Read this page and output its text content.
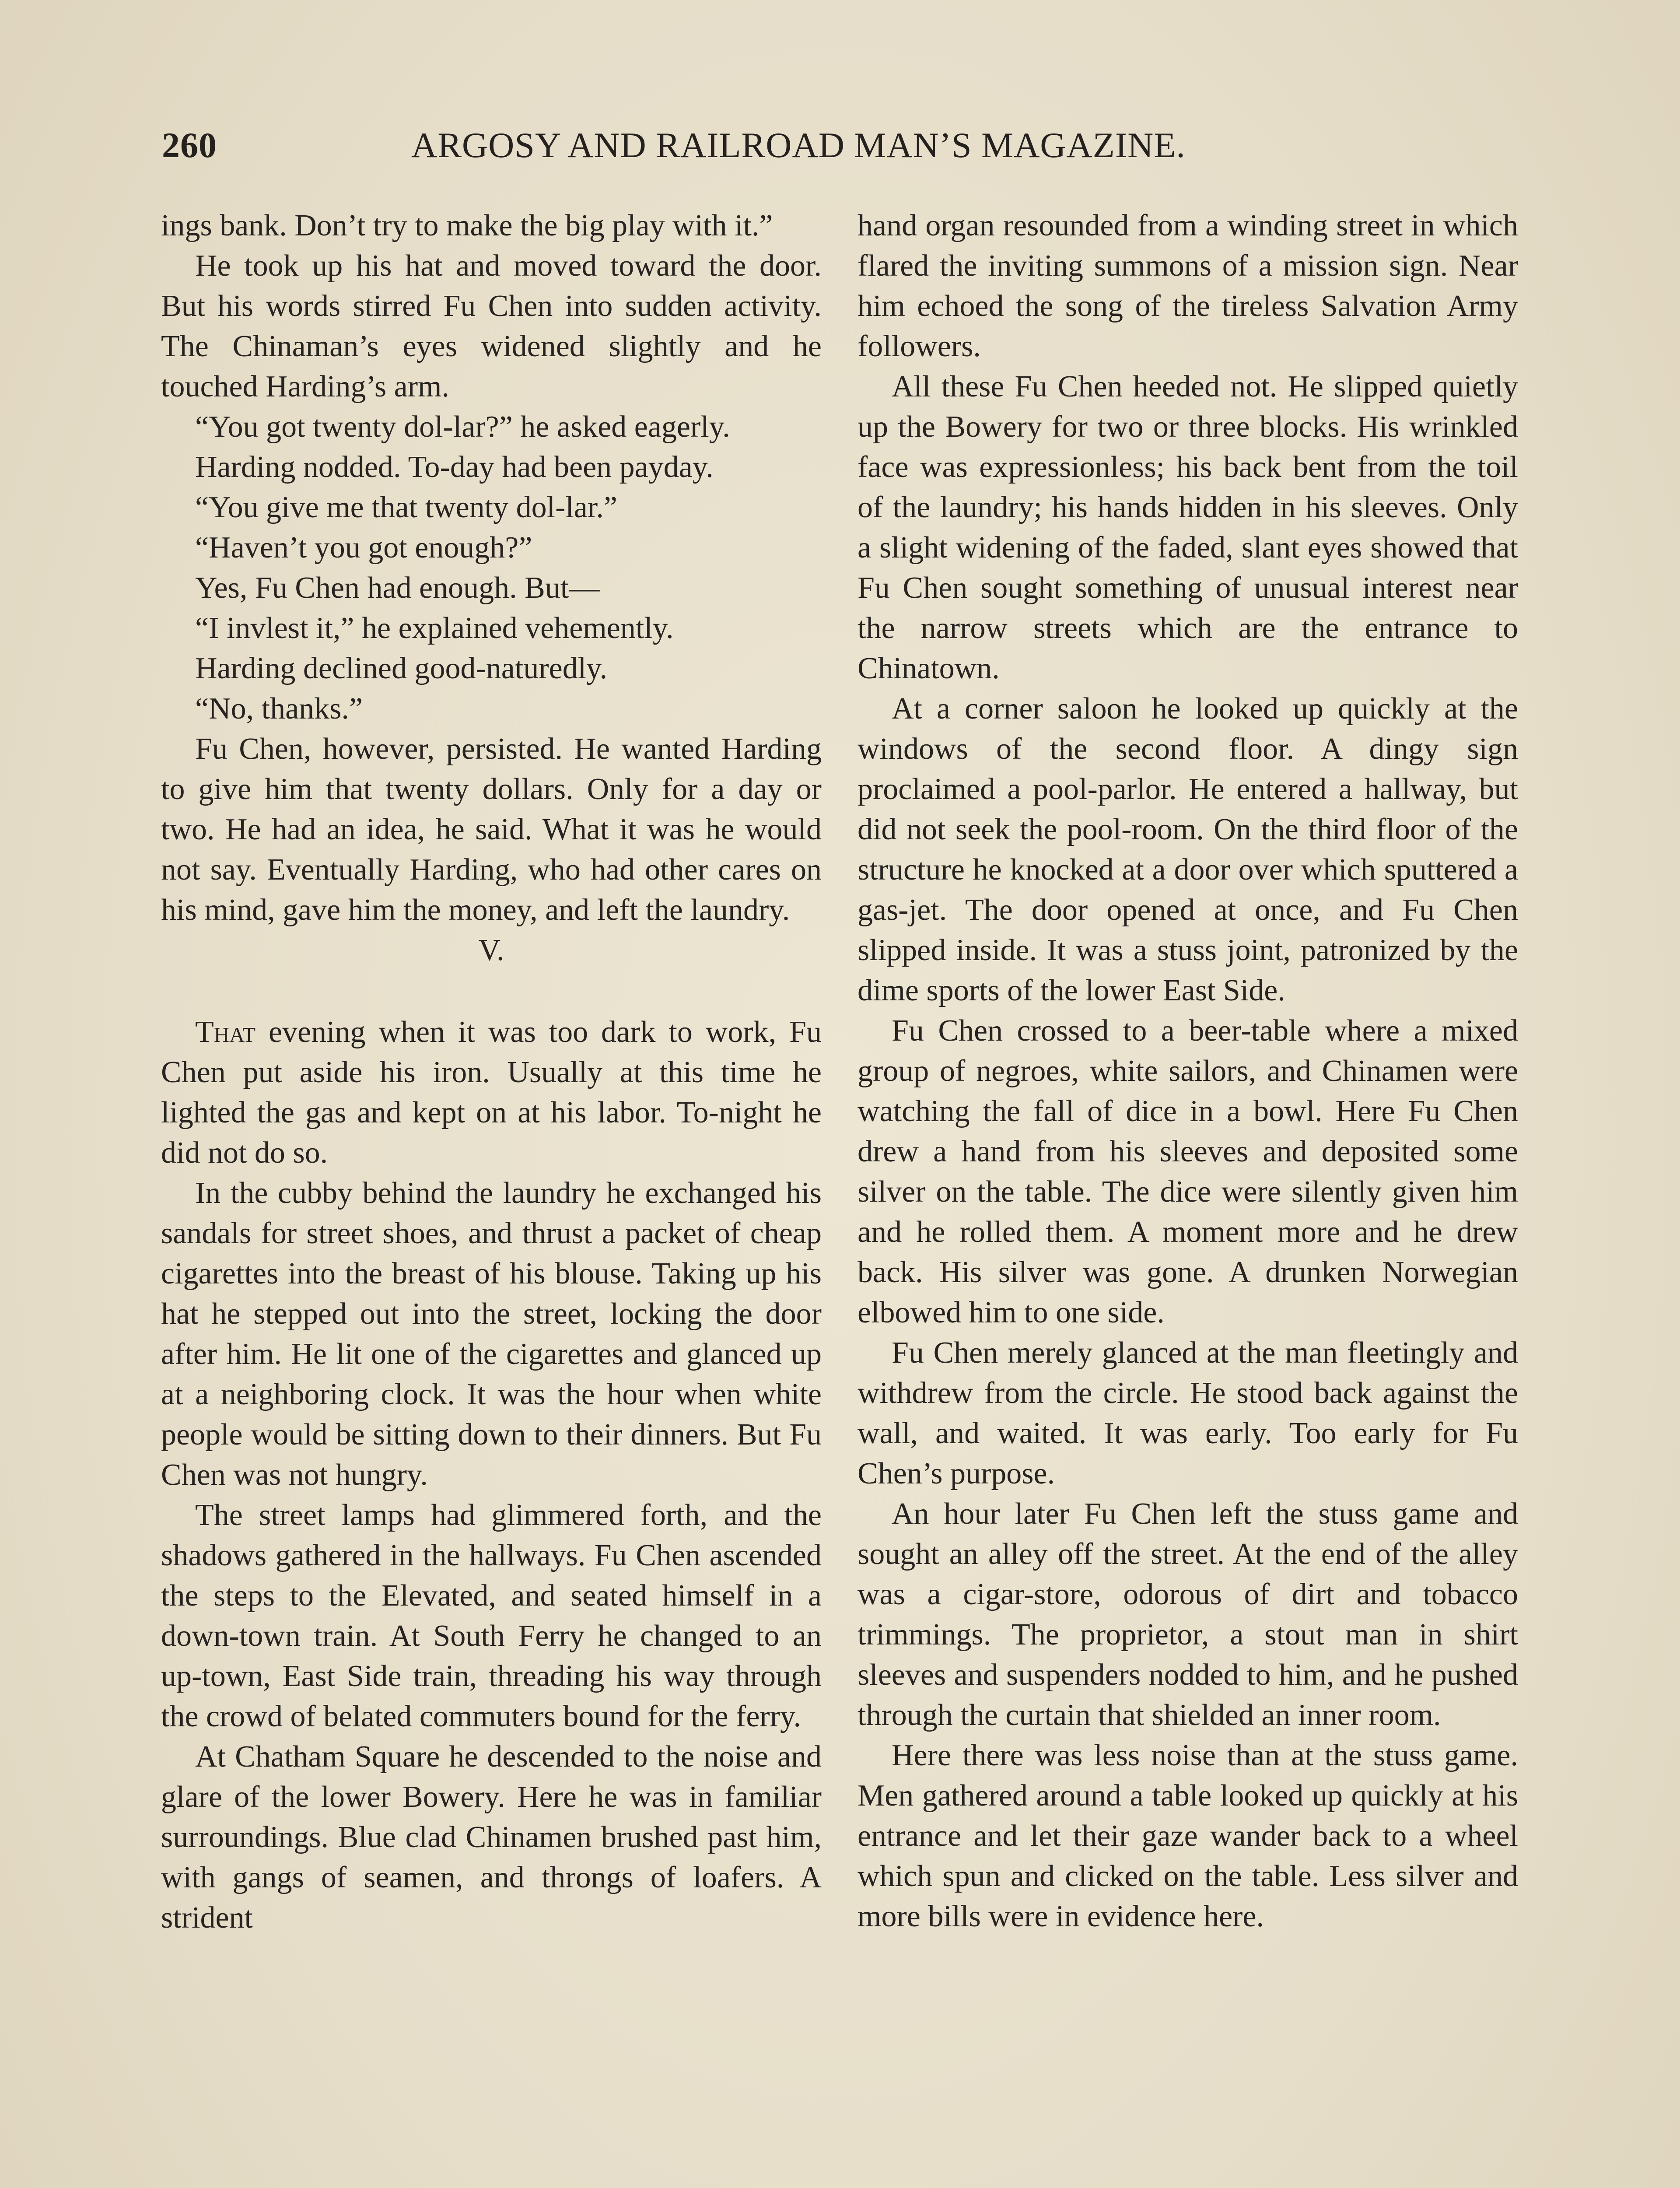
260	ARGOSY AND RAILROAD MAN’S MAGAZINE.

ings bank. Don’t try to make the big play with it.”

He took up his hat and moved toward the door. But his words stirred Fu Chen into sudden activity. The Chinaman’s eyes widened slightly and he touched Harding’s arm.

“You got twenty dol-lar?” he asked eagerly.

Harding nodded. To-day had been payday.

“You give me that twenty dol-lar.”

“Haven’t you got enough?”

Yes, Fu Chen had enough. But—

“I invlest it,” he explained vehemently.

Harding declined good-naturedly.

“No, thanks.”

Fu Chen, however, persisted. He wanted Harding to give him that twenty dollars. Only for a day or two. He had an idea, he said. What it was he would not say. Eventually Harding, who had other cares on his mind, gave him the money, and left the laundry.

V.

That evening when it was too dark to work, Fu Chen put aside his iron. Usually at this time he lighted the gas and kept on at his labor. To-night he did not do so.

In the cubby behind the laundry he exchanged his sandals for street shoes, and thrust a packet of cheap cigarettes into the breast of his blouse. Taking up his hat he stepped out into the street, locking the door after him. He lit one of the cigarettes and glanced up at a neighboring clock. It was the hour when white people would be sitting down to their dinners. But Fu Chen was not hungry.

The street lamps had glimmered forth, and the shadows gathered in the hallways. Fu Chen ascended the steps to the Elevated, and seated himself in a down-town train. At South Ferry he changed to an up-town, East Side train, threading his way through the crowd of belated commuters bound for the ferry.

At Chatham Square he descended to the noise and glare of the lower Bowery. Here he was in familiar surroundings. Blue clad Chinamen brushed past him, with gangs of seamen, and throngs of loafers. A strident

hand organ resounded from a winding street in which flared the inviting summons of a mission sign. Near him echoed the song of the tireless Salvation Army followers.

All these Fu Chen heeded not. He slipped quietly up the Bowery for two or three blocks. His wrinkled face was expressionless; his back bent from the toil of the laundry; his hands hidden in his sleeves. Only a slight widening of the faded, slant eyes showed that Fu Chen sought something of unusual interest near the narrow streets which are the entrance to Chinatown.

At a corner saloon he looked up quickly at the windows of the second floor. A dingy sign proclaimed a pool-parlor. He entered a hallway, but did not seek the pool-room. On the third floor of the structure he knocked at a door over which sputtered a gas-jet. The door opened at once, and Fu Chen slipped inside. It was a stuss joint, patronized by the dime sports of the lower East Side.

Fu Chen crossed to a beer-table where a mixed group of negroes, white sailors, and Chinamen were watching the fall of dice in a bowl. Here Fu Chen drew a hand from his sleeves and deposited some silver on the table. The dice were silently given him and he rolled them. A moment more and he drew back. His silver was gone. A drunken Norwegian elbowed him to one side.

Fu Chen merely glanced at the man fleetingly and withdrew from the circle. He stood back against the wall, and waited. It was early. Too early for Fu Chen’s purpose.

An hour later Fu Chen left the stuss game and sought an alley off the street. At the end of the alley was a cigar-store, odorous of dirt and tobacco trimmings. The proprietor, a stout man in shirt sleeves and suspenders nodded to him, and he pushed through the curtain that shielded an inner room.

Here there was less noise than at the stuss game. Men gathered around a table looked up quickly at his entrance and let their gaze wander back to a wheel which spun and clicked on the table. Less silver and more bills were in evidence here.
